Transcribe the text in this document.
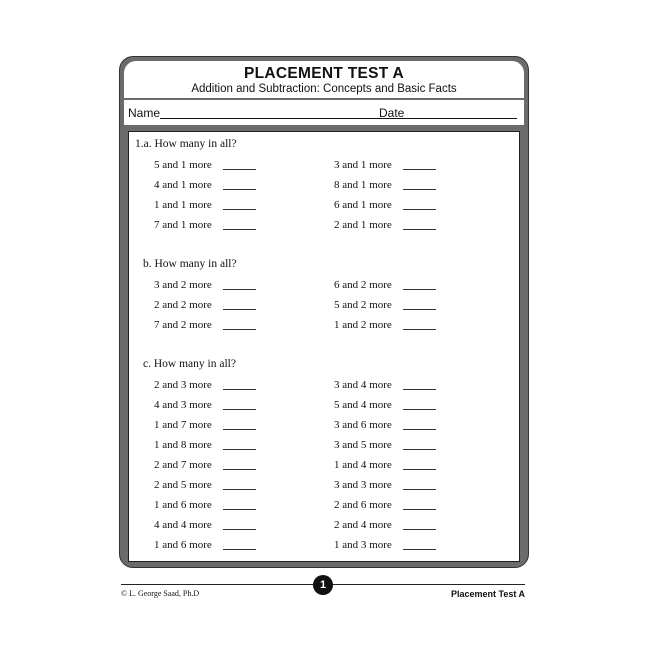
PLACEMENT TEST A
Addition and Subtraction: Concepts and Basic Facts
Name	Date
1.a. How many in all?
5 and 1 more
4 and 1 more
1 and 1 more
7 and 1 more
3 and 1 more
8 and 1 more
6 and 1 more
2 and 1 more
b. How many in all?
3 and 2 more
2 and 2 more
7 and 2 more
6 and 2 more
5 and 2 more
1 and 2 more
c. How many in all?
2 and 3 more
4 and 3 more
1 and 7 more
1 and 8 more
2 and 7 more
2 and 5 more
1 and 6 more
4 and 4 more
1 and 6 more
3 and 4 more
5 and 4 more
3 and 6 more
3 and 5 more
1 and 4 more
3 and 3 more
2 and 6 more
2 and 4 more
1 and 3 more
1
© L. George Saad, Ph.D	Placement Test A
